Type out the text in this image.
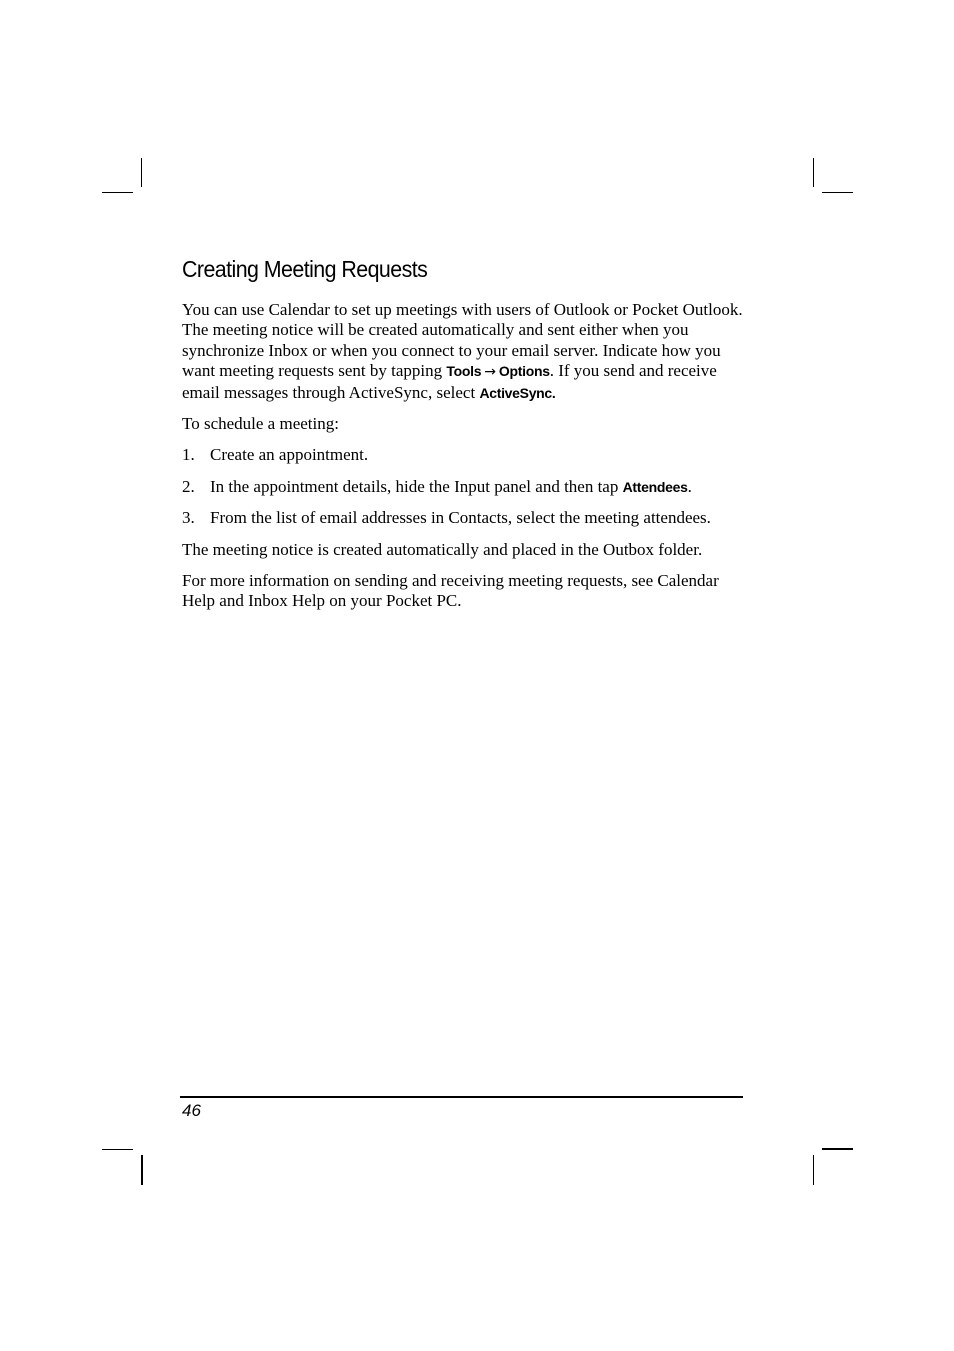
Creating Meeting Requests

You can use Calendar to set up meetings with users of Outlook or Pocket Outlook. The meeting notice will be created automatically and sent either when you synchronize Inbox or when you connect to your email server. Indicate how you want meeting requests sent by tapping Tools → Options. If you send and receive email messages through ActiveSync, select ActiveSync.

To schedule a meeting:

1. Create an appointment.
2. In the appointment details, hide the Input panel and then tap Attendees.
3. From the list of email addresses in Contacts, select the meeting attendees.

The meeting notice is created automatically and placed in the Outbox folder.

For more information on sending and receiving meeting requests, see Calendar Help and Inbox Help on your Pocket PC.

46
